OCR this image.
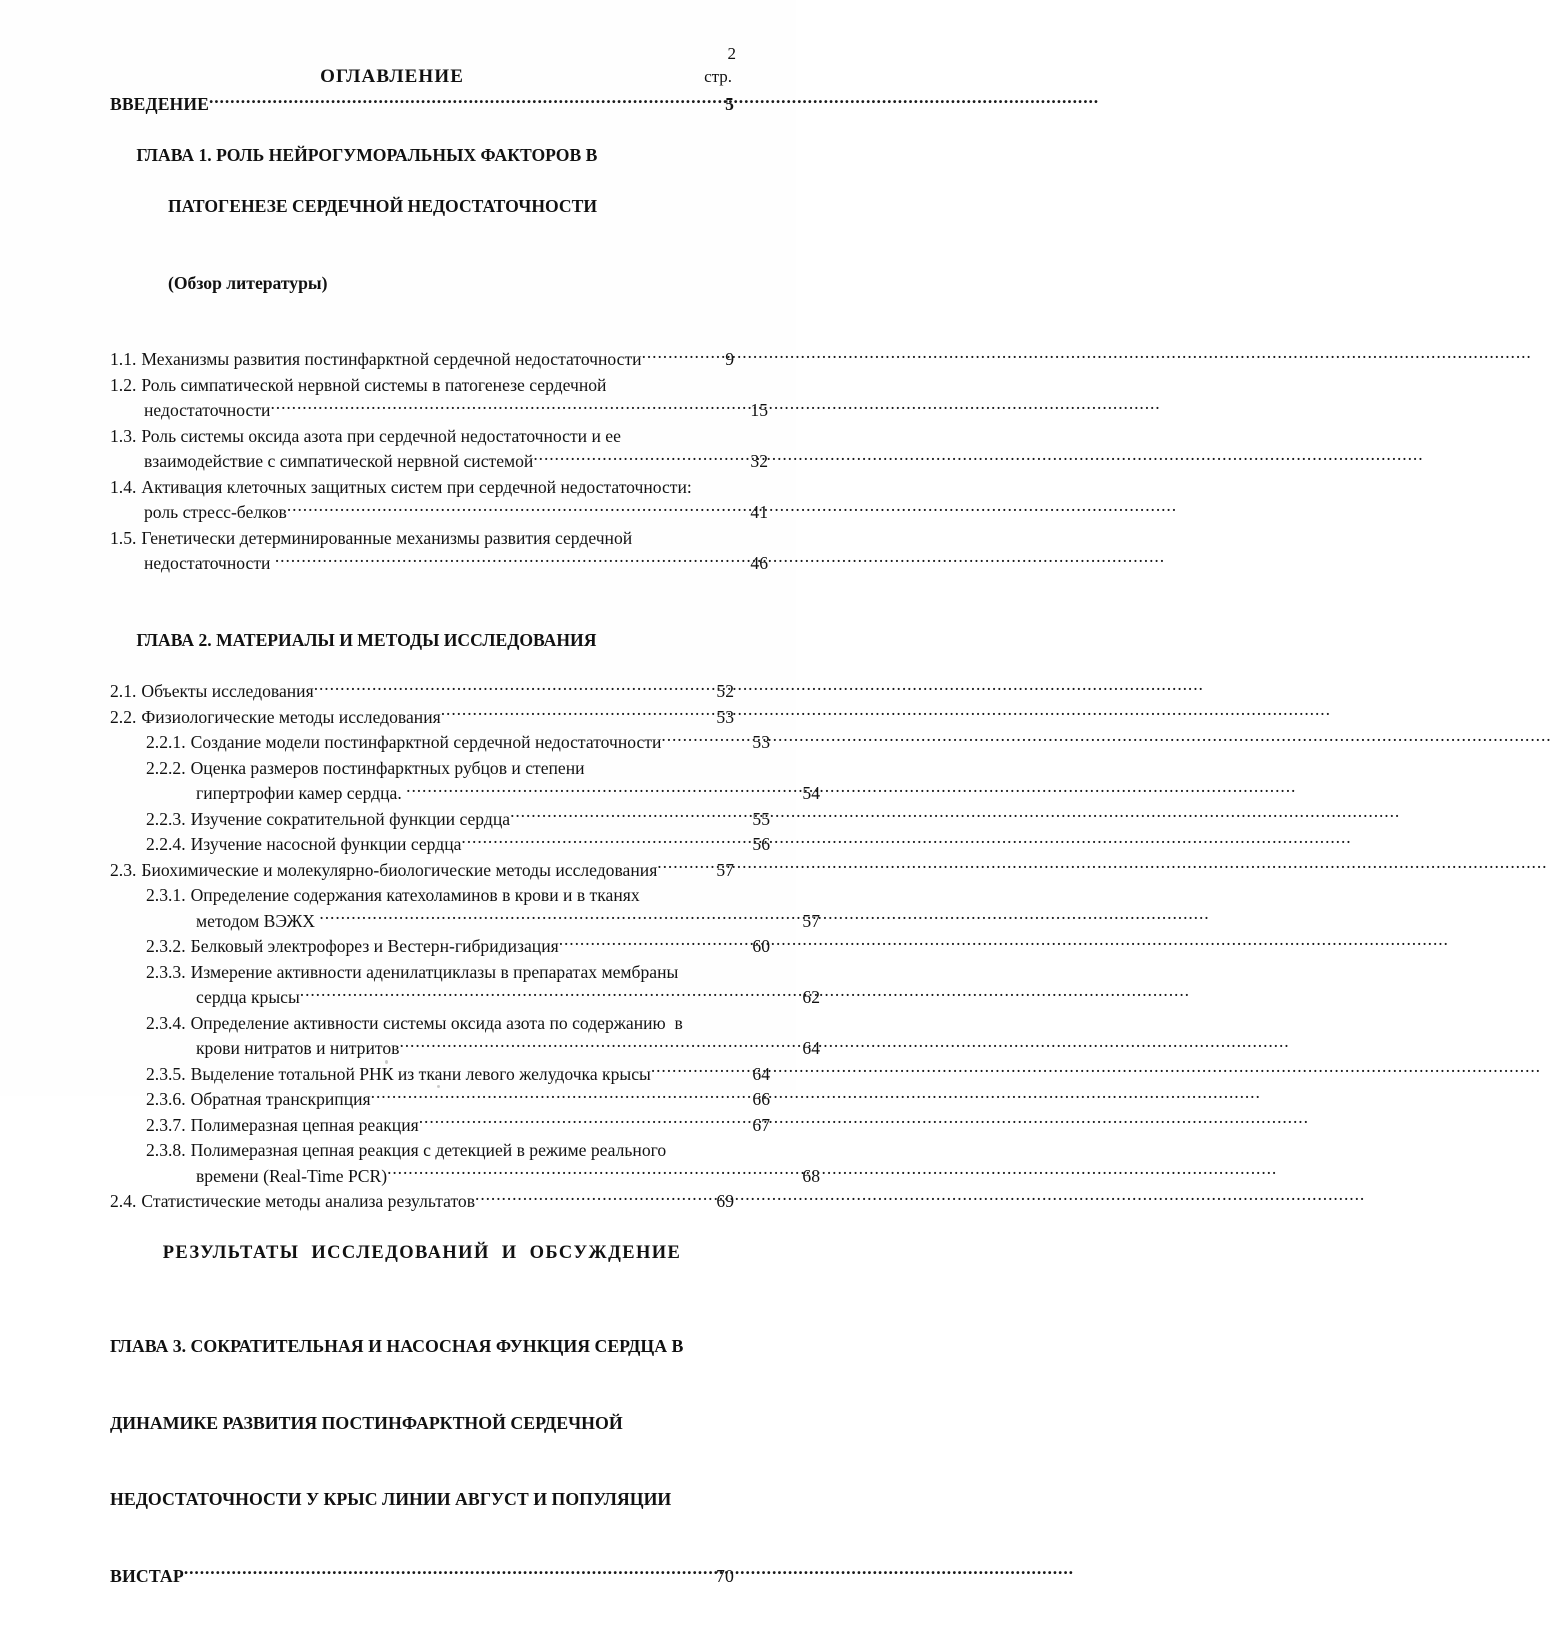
2
ОГЛАВЛЕНИЕ	стр.
ВВЕДЕНИЕ .....	5

ГЛАВА 1. РОЛЬ НЕЙРОГУМОРАЛЬНЫХ ФАКТОРОВ В

ПАТОГЕНЕЗЕ СЕРДЕЧНОЙ НЕДОСТАТОЧНОСТИ

(Обзор литературы)

1.1. Механизмы развития постинфарктной сердечной недостаточности .....	9
1.2. Роль симпатической нервной системы в патогенезе сердечной
недостаточности .....	15
1.3. Роль системы оксида азота при сердечной недостаточности и ее
взаимодействие с симпатической нервной системой .....	32
1.4. Активация клеточных защитных систем при сердечной недостаточности:
роль стресс-белков .....	41
1.5. Генетически детерминированные механизмы развития сердечной
недостаточности .....	46

ГЛАВА 2. МАТЕРИАЛЫ И МЕТОДЫ ИССЛЕДОВАНИЯ

2.1. Объекты исследования .....	52
2.2. Физиологические методы исследования .....	53
2.2.1. Создание модели постинфарктной сердечной недостаточности .....	53
2.2.2. Оценка размеров постинфарктных рубцов и степени
гипертрофии камер сердца. .....	54
2.2.3. Изучение сократительной функции сердца .....	55
2.2.4. Изучение насосной функции сердца .....	56
2.3. Биохимические и молекулярно-биологические методы исследования .....	57
2.3.1. Определение содержания катехоламинов в крови и в тканях
методом ВЭЖХ .....	57
2.3.2. Белковый электрофорез и Вестерн-гибридизация .....	60
2.3.3. Измерение активности аденилатциклазы в препаратах мембраны
сердца крысы .....	62
2.3.4. Определение активности системы оксида азота по содержанию  в
крови нитратов и нитритов .....	64
2.3.5. Выделение тотальной РНК из ткани левого желудочка крысы .....	64
2.3.6. Обратная транскрипция .....	66
2.3.7. Полимеразная цепная реакция .....	67
2.3.8. Полимеразная цепная реакция с детекцией в режиме реального
времени (Real-Time PCR) .....	68
2.4. Статистические методы анализа результатов .....	69
РЕЗУЛЬТАТЫ  ИССЛЕДОВАНИЙ  И  ОБСУЖДЕНИЕ

ГЛАВА 3. СОКРАТИТЕЛЬНАЯ И НАСОСНАЯ ФУНКЦИЯ СЕРДЦА В

ДИНАМИКЕ РАЗВИТИЯ ПОСТИНФАРКТНОЙ СЕРДЕЧНОЙ

НЕДОСТАТОЧНОСТИ У КРЫС ЛИНИИ АВГУСТ И ПОПУЛЯЦИИ

ВИСТАР .....	70
